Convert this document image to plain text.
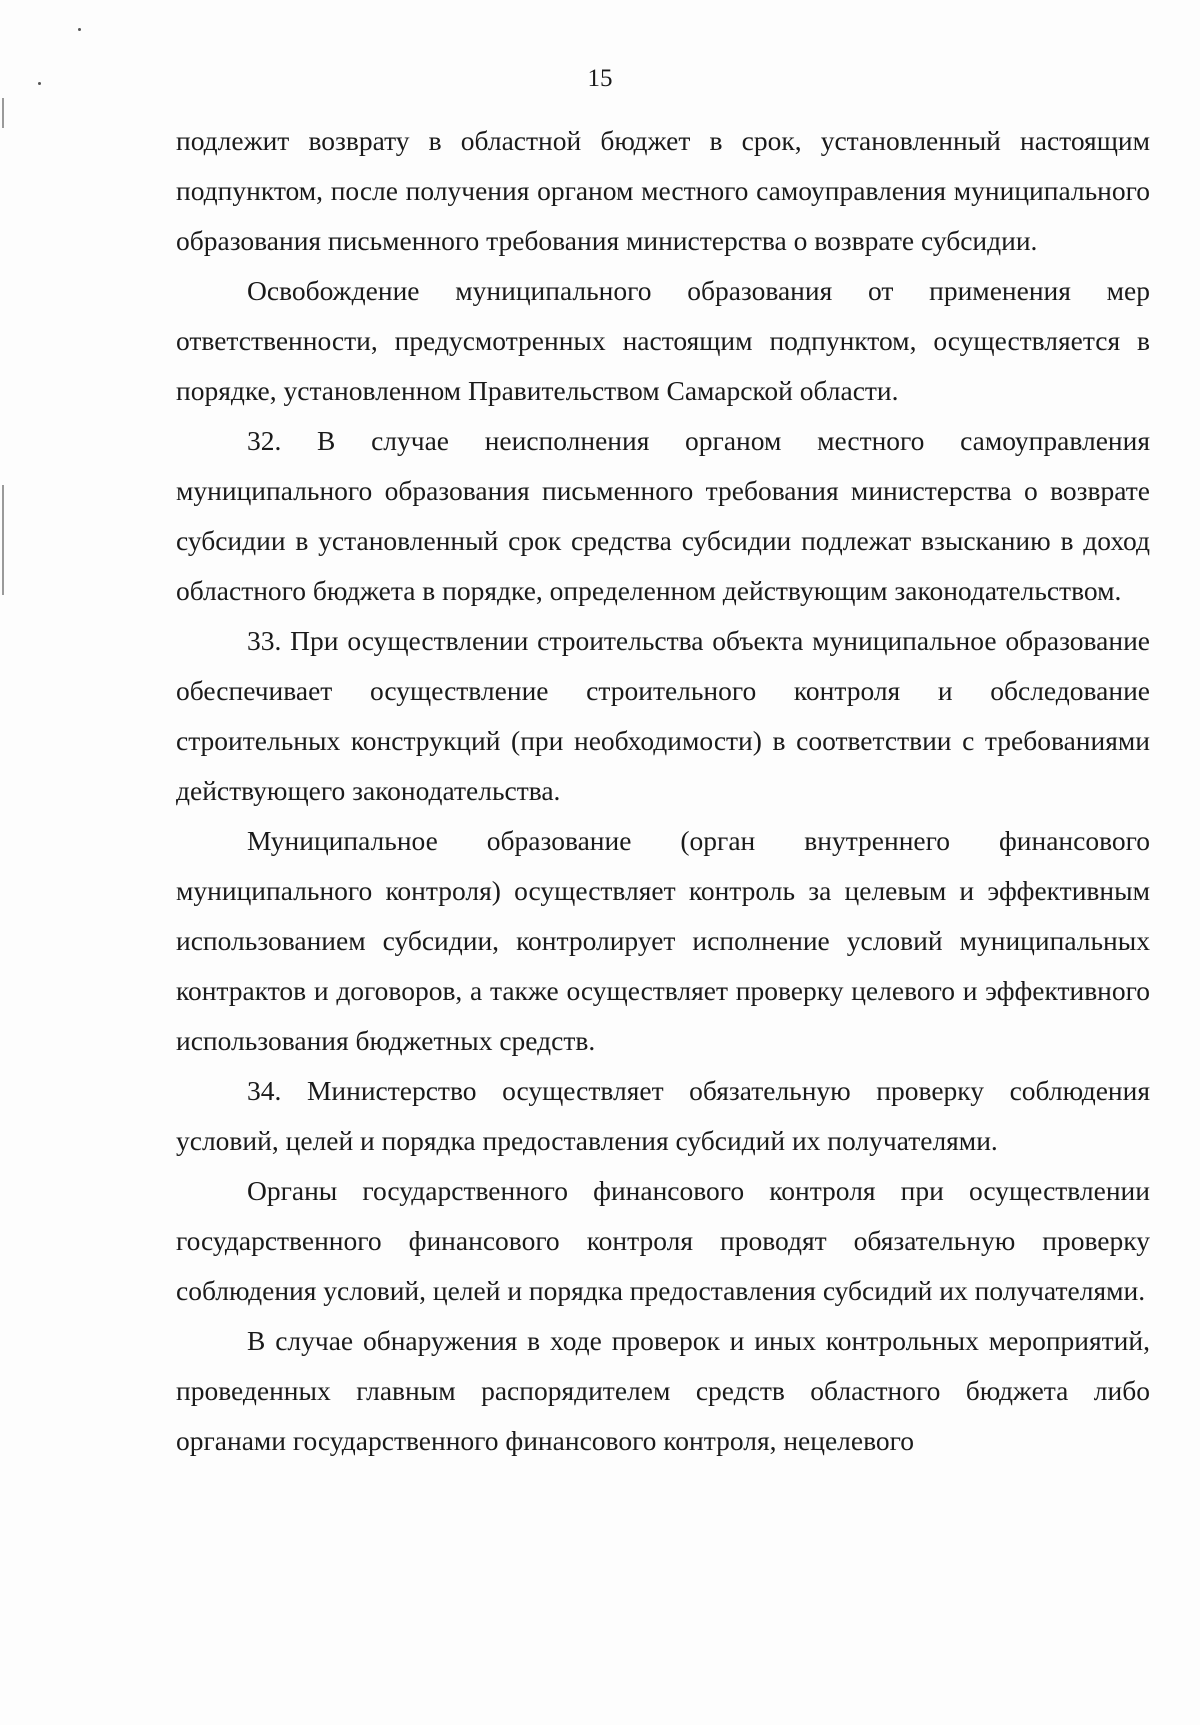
15

подлежит возврату в областной бюджет в срок, установленный настоящим подпунктом, после получения органом местного самоуправления муниципального образования письменного требования министерства о возврате субсидии.

Освобождение муниципального образования от применения мер ответственности, предусмотренных настоящим подпунктом, осуществляется в порядке, установленном Правительством Самарской области.

32. В случае неисполнения органом местного самоуправления муниципального образования письменного требования министерства о возврате субсидии в установленный срок средства субсидии подлежат взысканию в доход областного бюджета в порядке, определенном действующим законодательством.

33. При осуществлении строительства объекта муниципальное образование обеспечивает осуществление строительного контроля и обследование строительных конструкций (при необходимости) в соответствии с требованиями действующего законодательства.

Муниципальное образование (орган внутреннего финансового муниципального контроля) осуществляет контроль за целевым и эффективным использованием субсидии, контролирует исполнение условий муниципальных контрактов и договоров, а также осуществляет проверку целевого и эффективного использования бюджетных средств.

34. Министерство осуществляет обязательную проверку соблюдения условий, целей и порядка предоставления субсидий их получателями.

Органы государственного финансового контроля при осуществлении государственного финансового контроля проводят обязательную проверку соблюдения условий, целей и порядка предоставления субсидий их получателями.

В случае обнаружения в ходе проверок и иных контрольных мероприятий, проведенных главным распорядителем средств областного бюджета либо органами государственного финансового контроля, нецелевого
